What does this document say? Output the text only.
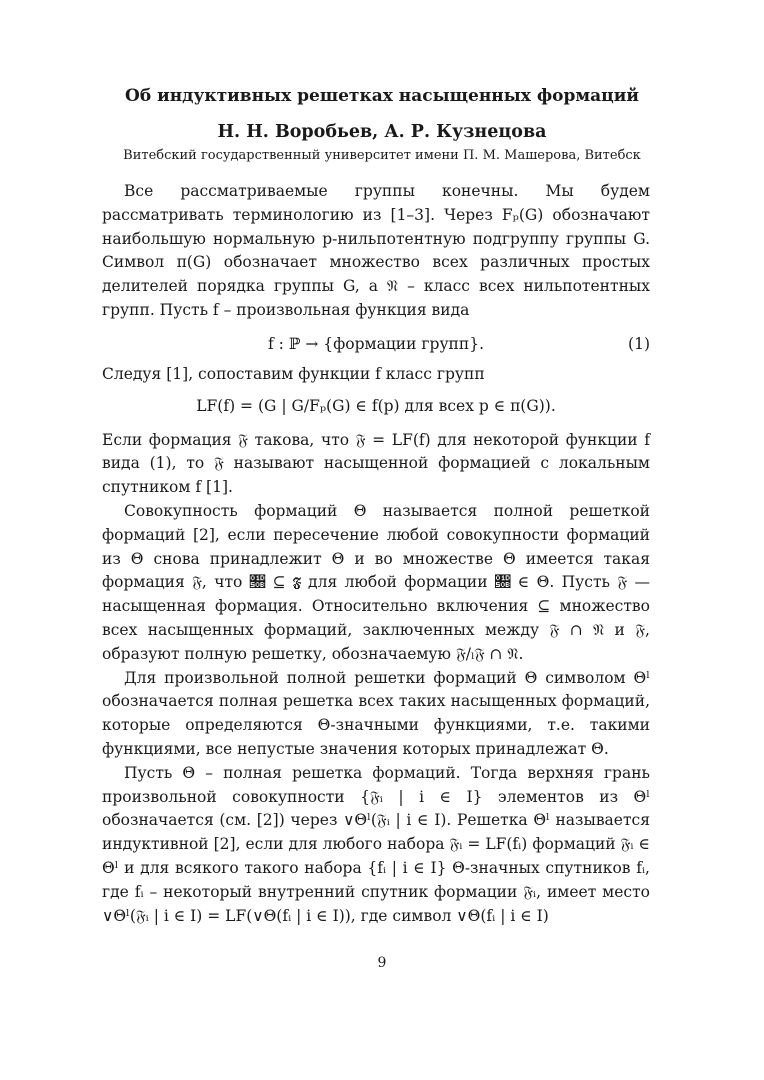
Об индуктивных решетках насыщенных формаций
Н. Н. Воробьев, А. Р. Кузнецова
Витебский государственный университет имени П. М. Машерова, Витебск

Все рассматриваемые группы конечны. Мы будем рассматривать терминологию из [1–3]. Через Fₚ(G) обозначают наибольшую нормальную p-нильпотентную подгруппу группы G. Символ π(G) обозначает множество всех различных простых делителей порядка группы G, а 𝔑 – класс всех нильпотентных групп. Пусть f – произвольная функция вида

f : ℙ → {формации групп}.	(1)

Следуя [1], сопоставим функции f класс групп

LF(f) = (G | G/Fₚ(G) ∈ f(p) для всех p ∈ π(G)).

Если формация 𝔉 такова, что 𝔉 = LF(f) для некоторой функции f вида (1), то 𝔉 называют насыщенной формацией с локальным спутником f [1].

Совокупность формаций Θ называется полной решеткой формаций [2], если пересечение любой совокупности формаций из Θ снова принадлежит Θ и во множестве Θ имеется такая формация 𝔉, что 𝔋 ⊆ 𝔉 для любой формации 𝔋 ∈ Θ. Пусть 𝔉 — насыщенная формация. Относительно включения ⊆ множество всех насыщенных формаций, заключенных между 𝔉 ∩ 𝔑 и 𝔉, образуют полную решетку, обозначаемую 𝔉/ₗ𝔉 ∩ 𝔑.

Для произвольной полной решетки формаций Θ символом Θˡ обозначается полная решетка всех таких насыщенных формаций, которые определяются Θ-значными функциями, т.е. такими функциями, все непустые значения которых принадлежат Θ.

Пусть Θ – полная решетка формаций. Тогда верхняя грань произвольной совокупности {𝔉ᵢ | i ∈ I} элементов из Θˡ обозначается (см. [2]) через ∨Θˡ(𝔉ᵢ | i ∈ I). Решетка Θˡ называется индуктивной [2], если для любого набора 𝔉ᵢ = LF(fᵢ) формаций 𝔉ᵢ ∈ Θˡ и для всякого такого набора {fᵢ | i ∈ I} Θ-значных спутников fᵢ, где fᵢ – некоторый внутренний спутник формации 𝔉ᵢ, имеет место ∨Θˡ(𝔉ᵢ | i ∈ I) = LF(∨Θ(fᵢ | i ∈ I)), где символ ∨Θ(fᵢ | i ∈ I)

9
